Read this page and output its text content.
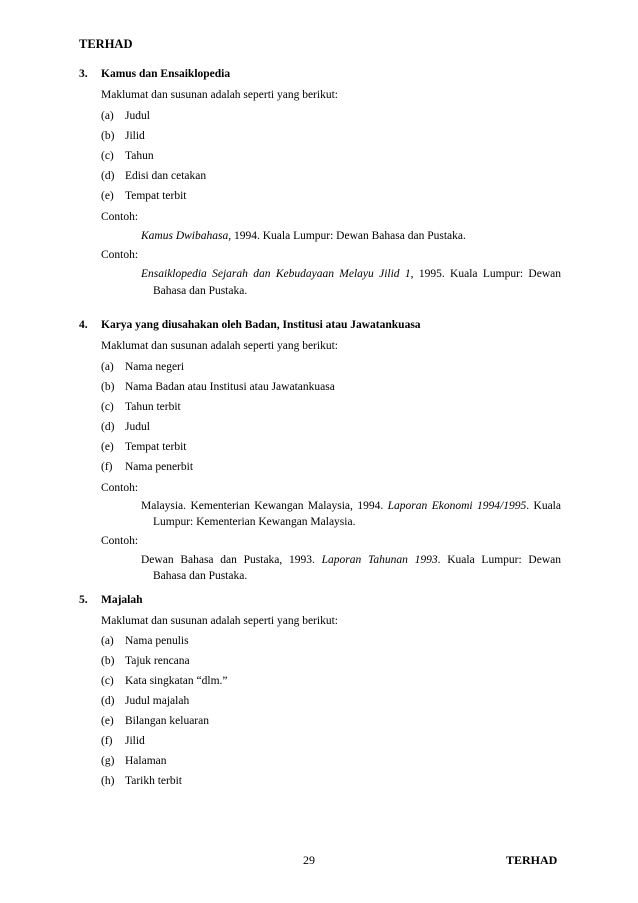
TERHAD
3. Kamus dan Ensaiklopedia
Maklumat dan susunan adalah seperti yang berikut:
(a) Judul
(b) Jilid
(c) Tahun
(d) Edisi dan cetakan
(e) Tempat terbit
Contoh:
Kamus Dwibahasa, 1994. Kuala Lumpur: Dewan Bahasa dan Pustaka.
Contoh:
Ensaiklopedia Sejarah dan Kebudayaan Melayu Jilid 1, 1995. Kuala Lumpur: Dewan
Bahasa dan Pustaka.
4. Karya yang diusahakan oleh Badan, Institusi atau Jawatankuasa
Maklumat dan susunan adalah seperti yang berikut:
(a) Nama negeri
(b) Nama Badan atau Institusi atau Jawatankuasa
(c) Tahun terbit
(d) Judul
(e) Tempat terbit
(f) Nama penerbit
Contoh:
Malaysia. Kementerian Kewangan Malaysia, 1994. Laporan Ekonomi 1994/1995. Kuala
Lumpur: Kementerian Kewangan Malaysia.
Contoh:
Dewan Bahasa dan Pustaka, 1993. Laporan Tahunan 1993. Kuala Lumpur: Dewan
Bahasa dan Pustaka.
5. Majalah
Maklumat dan susunan adalah seperti yang berikut:
(a) Nama penulis
(b) Tajuk rencana
(c) Kata singkatan “dlm.”
(d) Judul majalah
(e) Bilangan keluaran
(f) Jilid
(g) Halaman
(h) Tarikh terbit
29	TERHAD
